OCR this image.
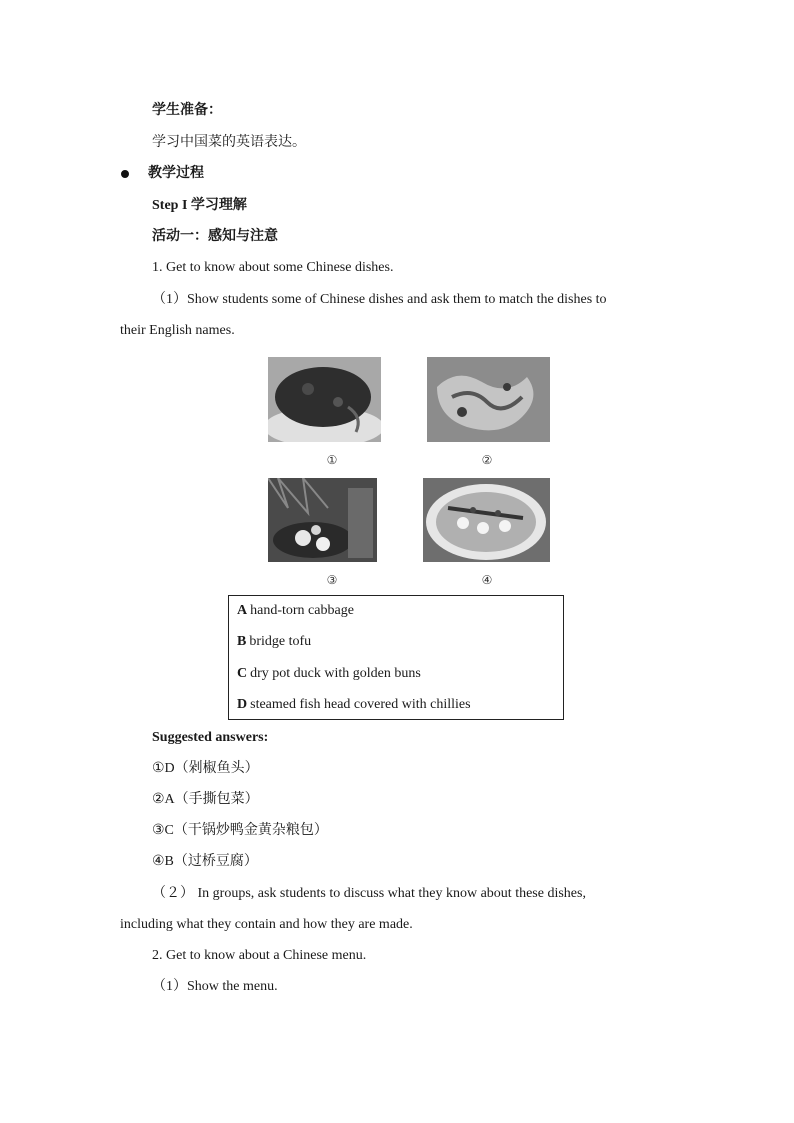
学生准备：
学习中国菜的英语表达。
教学过程
Step I 学习理解
活动一：感知与注意
1. Get to know about some Chinese dishes.
（1）Show students some of Chinese dishes and ask them to match the dishes to
their English names.
①	②
③	④
A hand-torn cabbage
B bridge tofu
C dry pot duck with golden buns
D steamed fish head covered with chillies
Suggested answers:
①D（剁椒鱼头）
②A（手撕包菜）
③C（干锅炒鸭金黄杂粮包）
④B（过桥豆腐）
（２） In groups, ask students to discuss what they know about these dishes,
including what they contain and how they are made.
2. Get to know about a Chinese menu.
（1）Show the menu.
